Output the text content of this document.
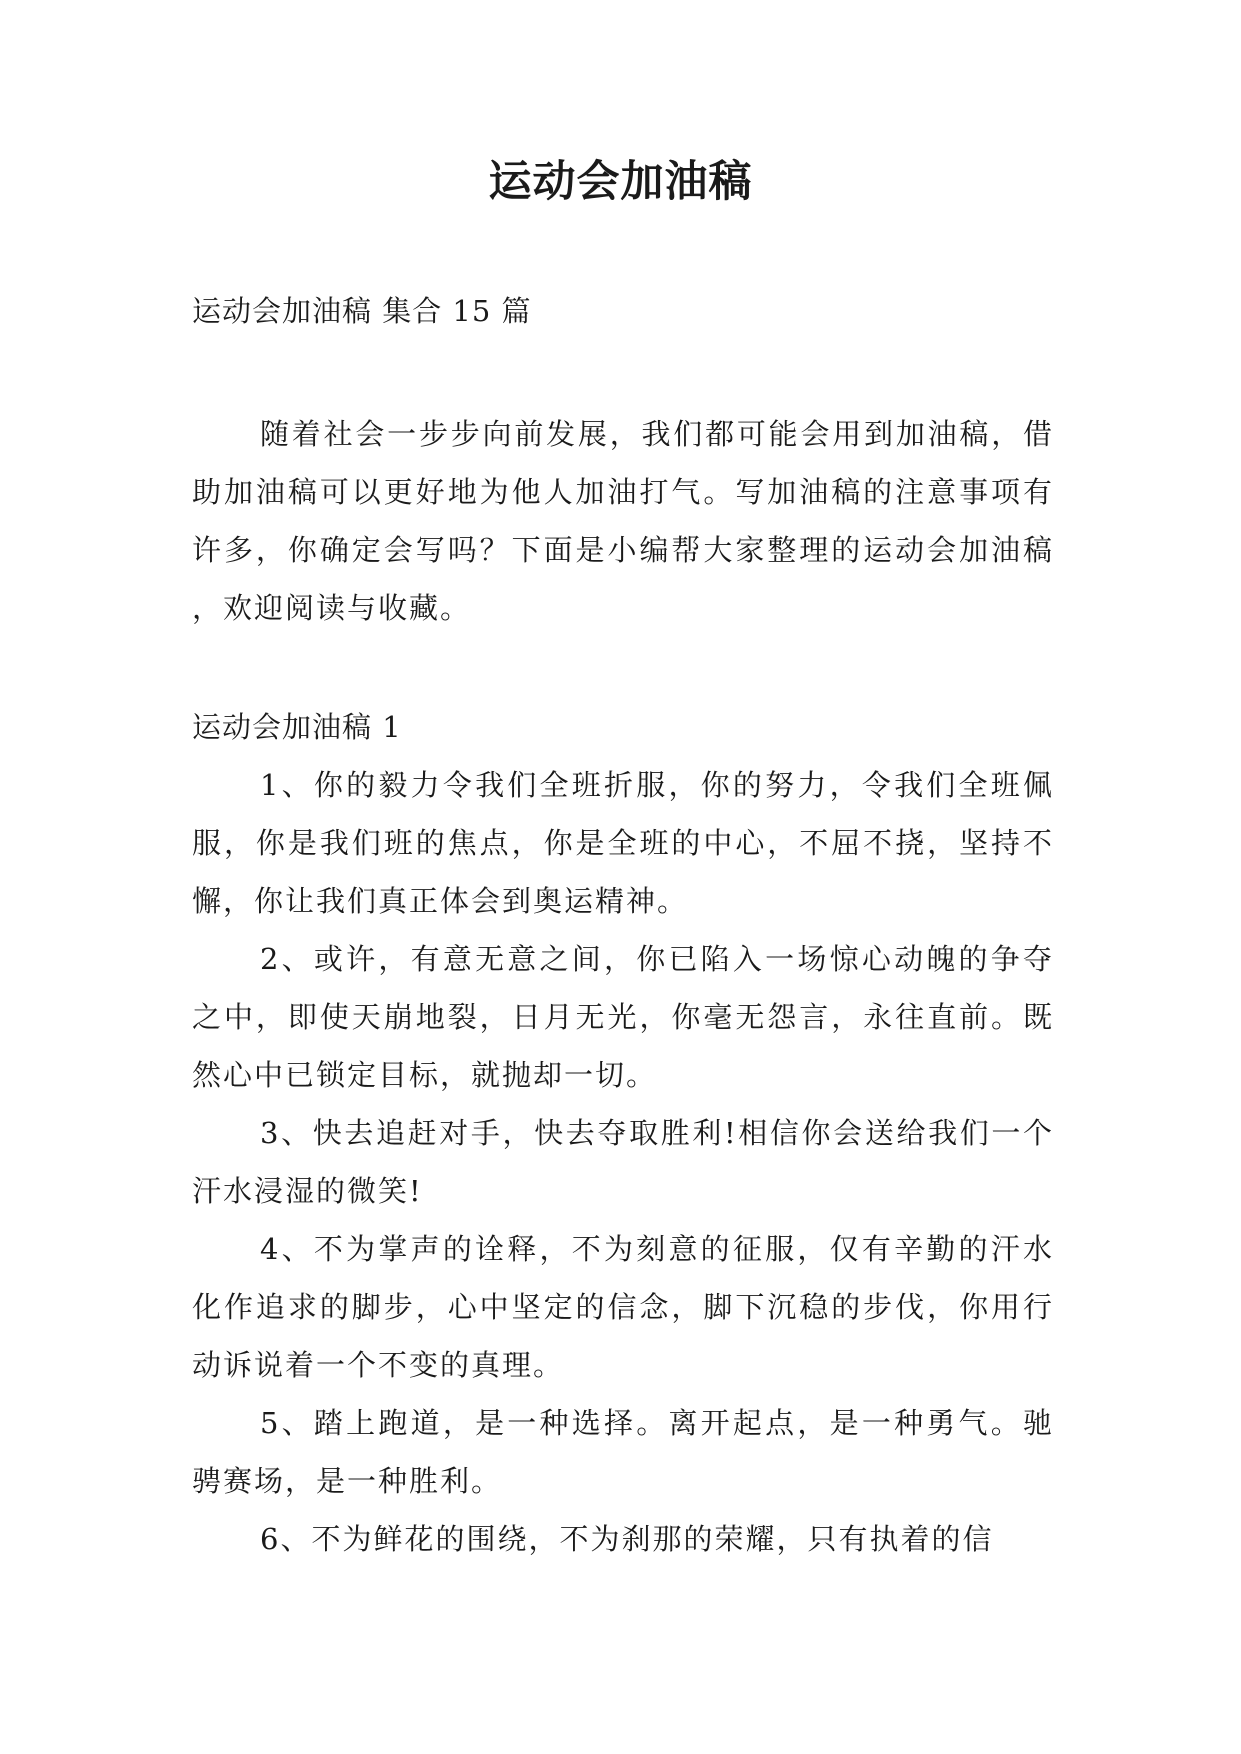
运动会加油稿

运动会加油稿 集合 15 篇

随着社会一步步向前发展，我们都可能会用到加油稿，借助加油稿可以更好地为他人加油打气。写加油稿的注意事项有许多，你确定会写吗？下面是小编帮大家整理的运动会加油稿 ，欢迎阅读与收藏。

运动会加油稿 1

1、你的毅力令我们全班折服，你的努力，令我们全班佩服，你是我们班的焦点，你是全班的中心，不屈不挠，坚持不懈，你让我们真正体会到奥运精神。

2、或许，有意无意之间，你已陷入一场惊心动魄的争夺之中，即使天崩地裂，日月无光，你毫无怨言，永往直前。既然心中已锁定目标，就抛却一切。

3、快去追赶对手，快去夺取胜利!相信你会送给我们一个汗水浸湿的微笑!

4、不为掌声的诠释，不为刻意的征服，仅有辛勤的汗水化作追求的脚步，心中坚定的信念，脚下沉稳的步伐，你用行动诉说着一个不变的真理。

5、踏上跑道，是一种选择。离开起点，是一种勇气。驰骋赛场，是一种胜利。

6、不为鲜花的围绕，不为刹那的荣耀，只有执着的信
